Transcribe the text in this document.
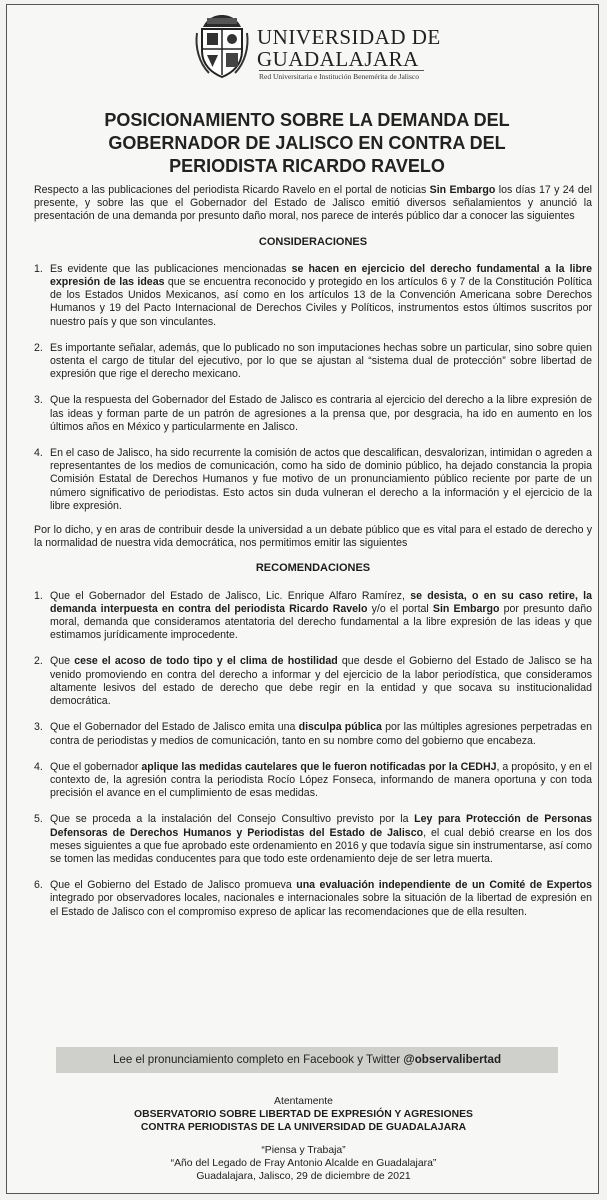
UNIVERSIDAD DE
GUADALAJARA
Red Universitaria e Institución Benemérita de Jalisco
POSICIONAMIENTO SOBRE LA DEMANDA DEL
GOBERNADOR DE JALISCO EN CONTRA DEL
PERIODISTA RICARDO RAVELO

Respecto a las publicaciones del periodista Ricardo Ravelo en el portal de noticias Sin Embargo los días 17 y 24 del presente, y sobre las que el Gobernador del Estado de Jalisco emitió diversos señalamientos y anunció la presentación de una demanda por presunto daño moral, nos parece de interés público dar a conocer las siguientes

CONSIDERACIONES
1. Es evidente que las publicaciones mencionadas se hacen en ejercicio del derecho fundamental a la libre expresión de las ideas que se encuentra reconocido y protegido en los artículos 6 y 7 de la Constitución Política de los Estados Unidos Mexicanos, así como en los artículos 13 de la Convención Americana sobre Derechos Humanos y 19 del Pacto Internacional de Derechos Civiles y Políticos, instrumentos estos últimos suscritos por nuestro país y que son vinculantes.
2. Es importante señalar, además, que lo publicado no son imputaciones hechas sobre un particular, sino sobre quien ostenta el cargo de titular del ejecutivo, por lo que se ajustan al “sistema dual de protección” sobre libertad de expresión que rige el derecho mexicano.
3. Que la respuesta del Gobernador del Estado de Jalisco es contraria al ejercicio del derecho a la libre expresión de las ideas y forman parte de un patrón de agresiones a la prensa que, por desgracia, ha ido en aumento en los últimos años en México y particularmente en Jalisco.
4. En el caso de Jalisco, ha sido recurrente la comisión de actos que descalifican, desvalorizan, intimidan o agreden a representantes de los medios de comunicación, como ha sido de dominio público, ha dejado constancia la propia Comisión Estatal de Derechos Humanos y fue motivo de un pronunciamiento público reciente por parte de un número significativo de periodistas. Esto actos sin duda vulneran el derecho a la información y el ejercicio de la libre expresión.

Por lo dicho, y en aras de contribuir desde la universidad a un debate público que es vital para el estado de derecho y la normalidad de nuestra vida democrática, nos permitimos emitir las siguientes

RECOMENDACIONES
1. Que el Gobernador del Estado de Jalisco, Lic. Enrique Alfaro Ramírez, se desista, o en su caso retire, la demanda interpuesta en contra del periodista Ricardo Ravelo y/o el portal Sin Embargo por presunto daño moral, demanda que consideramos atentatoria del derecho fundamental a la libre expresión de las ideas y que estimamos jurídicamente improcedente.
2. Que cese el acoso de todo tipo y el clima de hostilidad que desde el Gobierno del Estado de Jalisco se ha venido promoviendo en contra del derecho a informar y del ejercicio de la labor periodística, que consideramos altamente lesivos del estado de derecho que debe regir en la entidad y que socava su institucionalidad democrática.
3. Que el Gobernador del Estado de Jalisco emita una disculpa pública por las múltiples agresiones perpetradas en contra de periodistas y medios de comunicación, tanto en su nombre como del gobierno que encabeza.
4. Que el gobernador aplique las medidas cautelares que le fueron notificadas por la CEDHJ, a propósito, y en el contexto de, la agresión contra la periodista Rocío López Fonseca, informando de manera oportuna y con toda precisión el avance en el cumplimiento de esas medidas.
5. Que se proceda a la instalación del Consejo Consultivo previsto por la Ley para Protección de Personas Defensoras de Derechos Humanos y Periodistas del Estado de Jalisco, el cual debió crearse en los dos meses siguientes a que fue aprobado este ordenamiento en 2016 y que todavía sigue sin instrumentarse, así como se tomen las medidas conducentes para que todo este ordenamiento deje de ser letra muerta.
6. Que el Gobierno del Estado de Jalisco promueva una evaluación independiente de un Comité de Expertos integrado por observadores locales, nacionales e internacionales sobre la situación de la libertad de expresión en el Estado de Jalisco con el compromiso expreso de aplicar las recomendaciones que de ella resulten.
Lee el pronunciamiento completo en Facebook y Twitter @observalibertad
Atentamente
OBSERVATORIO SOBRE LIBERTAD DE EXPRESIÓN Y AGRESIONES
CONTRA PERIODISTAS DE LA UNIVERSIDAD DE GUADALAJARA
“Piensa y Trabaja”
“Año del Legado de Fray Antonio Alcalde en Guadalajara”
Guadalajara, Jalisco, 29 de diciembre de 2021
